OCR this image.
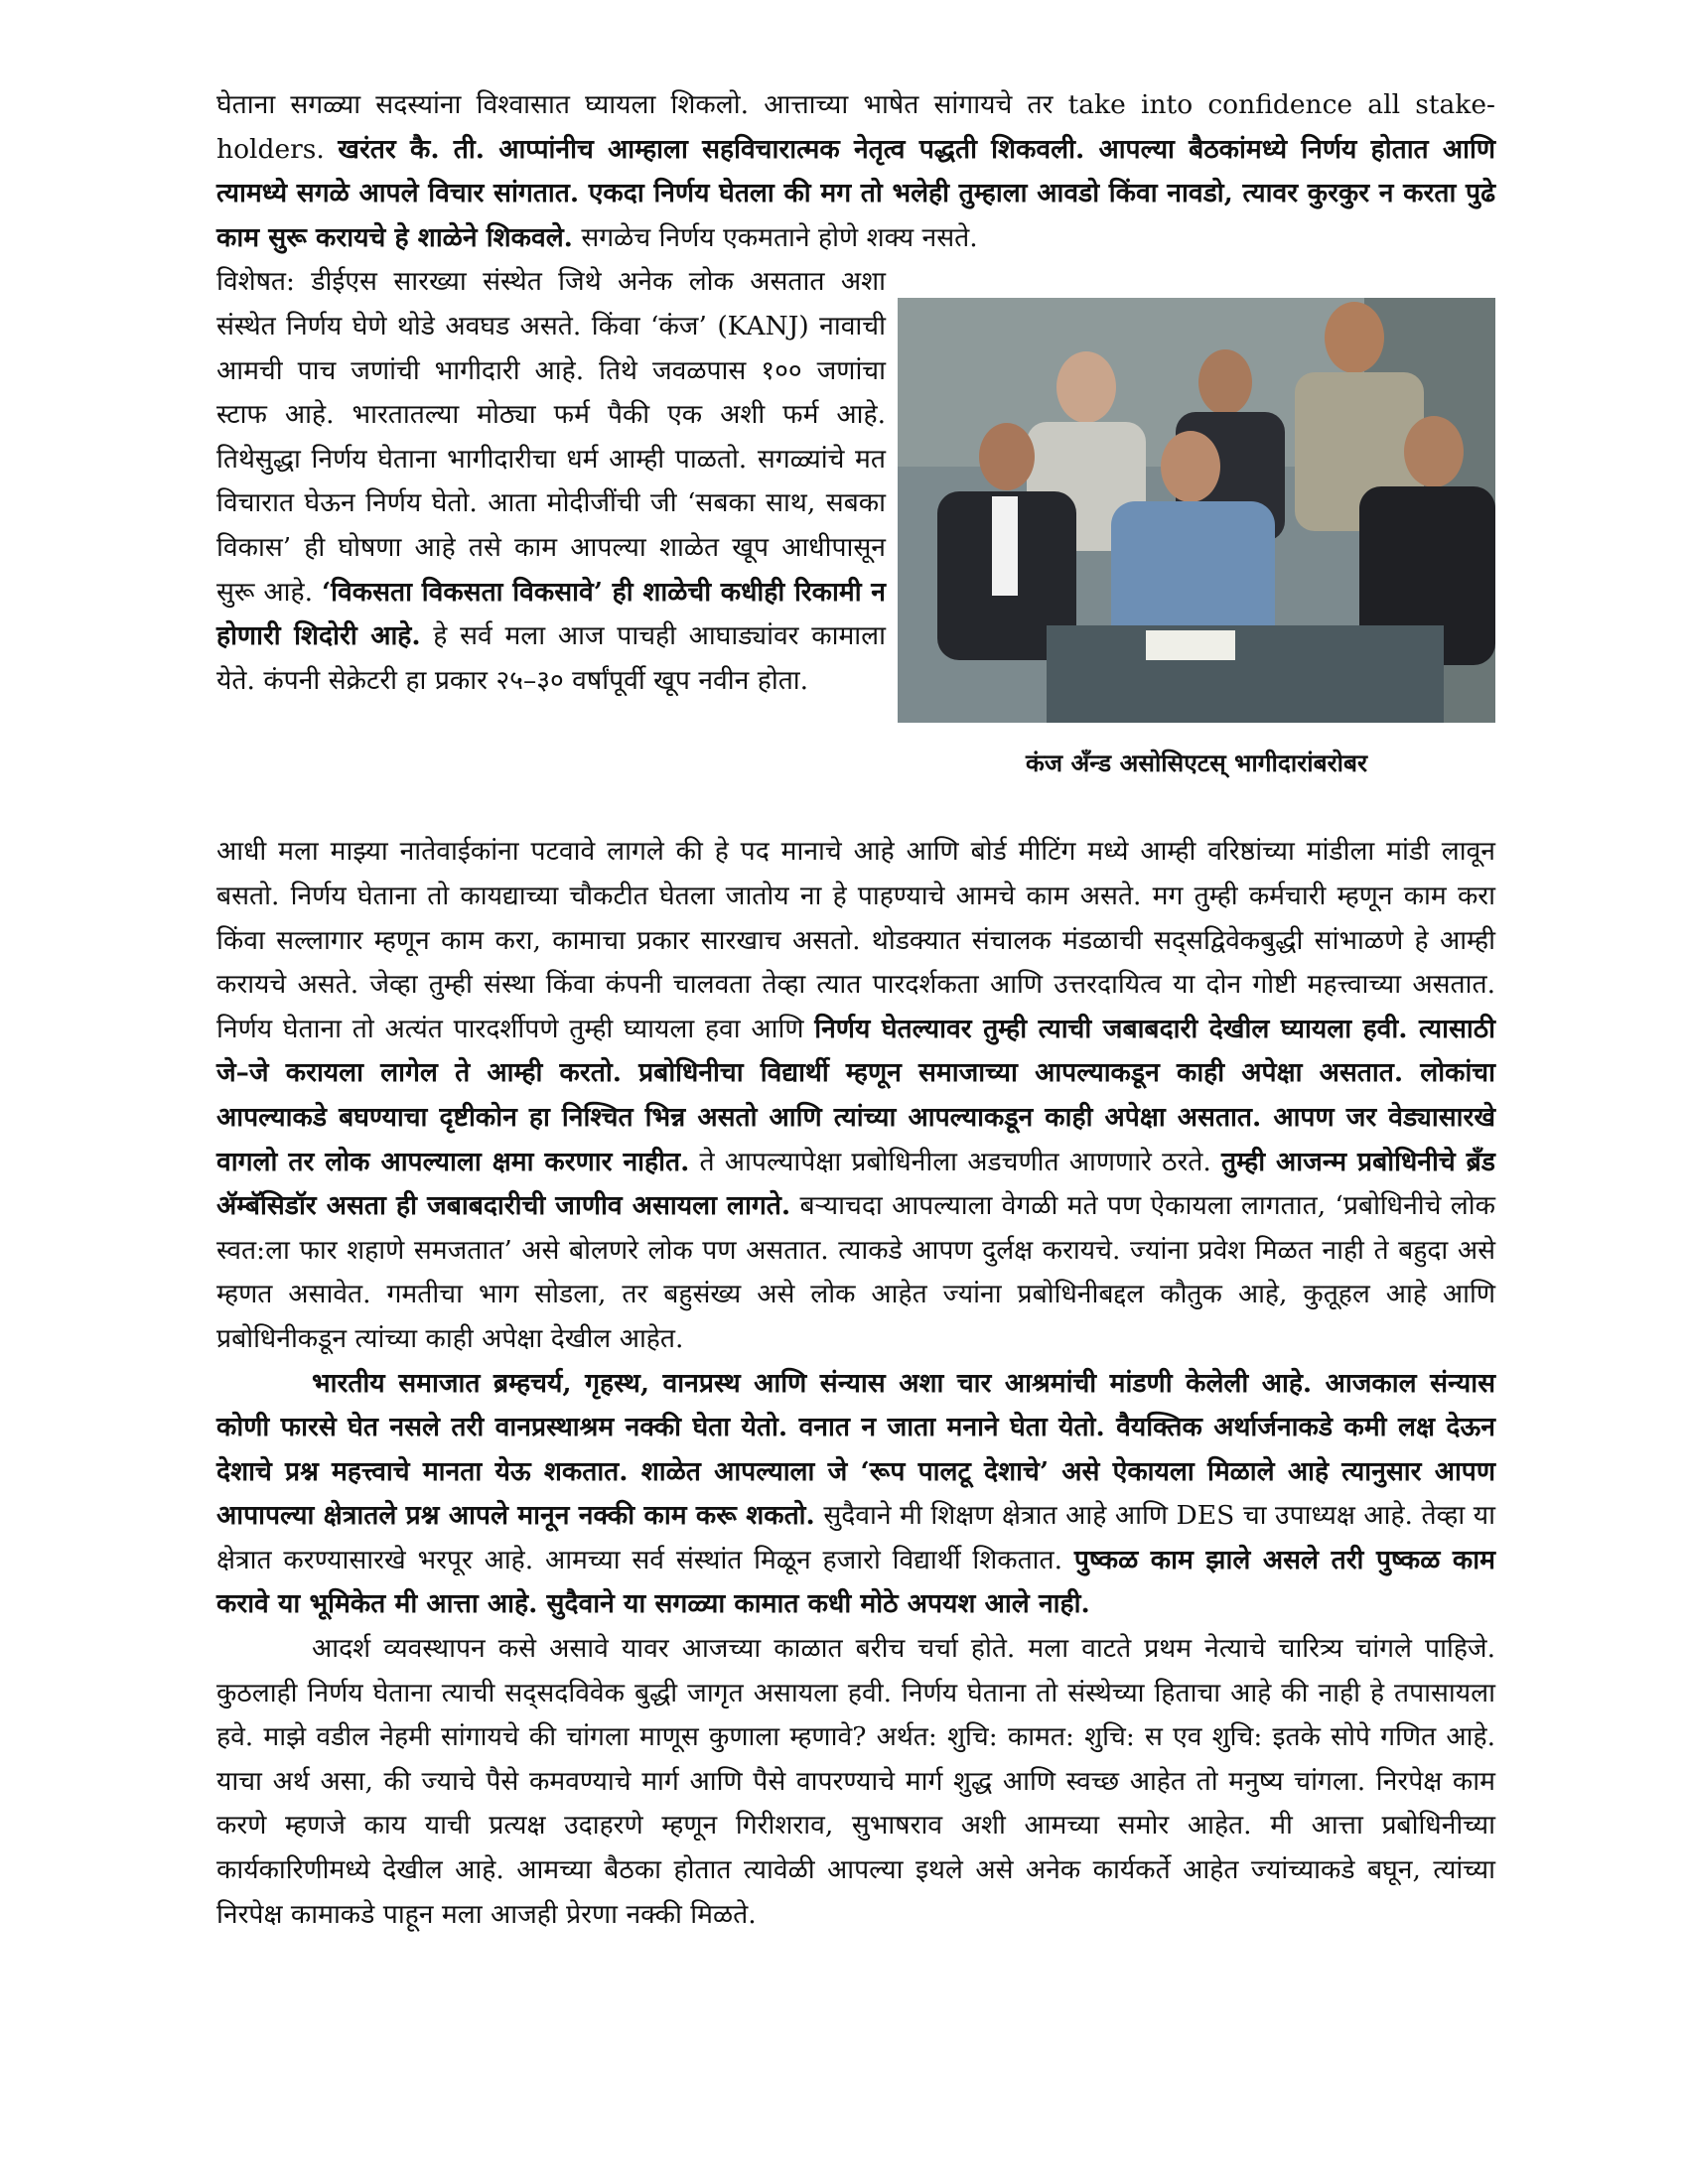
घेताना सगळ्या सदस्यांना विश्वासात घ्यायला शिकलो. आत्ताच्या भाषेत सांगायचे तर take into confidence all stake-holders. खरंतर कै. ती. आप्पांनीच आम्हाला सहविचारात्मक नेतृत्व पद्धती शिकवली. आपल्या बैठकांमध्ये निर्णय होतात आणि त्यामध्ये सगळे आपले विचार सांगतात. एकदा निर्णय घेतला की मग तो भलेही तुम्हाला आवडो किंवा नावडो, त्यावर कुरकुर न करता पुढे काम सुरू करायचे हे शाळेने शिकवले. सगळेच निर्णय एकमताने होणे शक्य नसते.

विशेषत: डीईएस सारख्या संस्थेत जिथे अनेक लोक असतात अशा संस्थेत निर्णय घेणे थोडे अवघड असते. किंवा ‘कंज’ (KANJ) नावाची आमची पाच जणांची भागीदारी आहे. तिथे जवळपास १०० जणांचा स्टाफ आहे. भारतातल्या मोठ्या फर्म पैकी एक अशी फर्म आहे. तिथेसुद्धा निर्णय घेताना भागीदारीचा धर्म आम्ही पाळतो. सगळ्यांचे मत विचारात घेऊन निर्णय घेतो. आता मोदीजींची जी ‘सबका साथ, सबका विकास’ ही घोषणा आहे तसे काम आपल्या शाळेत खूप आधीपासून सुरू आहे. ‘विकसता विकसता विकसावे’ ही शाळेची कधीही रिकामी न होणारी शिदोरी आहे. हे सर्व मला आज पाचही आघाड्यांवर कामाला येते. कंपनी सेक्रेटरी हा प्रकार २५–३० वर्षांपूर्वी खूप नवीन होता.

कंज अँन्ड असोसिएटस् भागीदारांबरोबर

आधी मला माझ्या नातेवाईकांना पटवावे लागले की हे पद मानाचे आहे आणि बोर्ड मीटिंग मध्ये आम्ही वरिष्ठांच्या मांडीला मांडी लावून बसतो. निर्णय घेताना तो कायद्याच्या चौकटीत घेतला जातोय ना हे पाहण्याचे आमचे काम असते. मग तुम्ही कर्मचारी म्हणून काम करा किंवा सल्लागार म्हणून काम करा, कामाचा प्रकार सारखाच असतो. थोडक्यात संचालक मंडळाची सद्सद्विवेकबुद्धी सांभाळणे हे आम्ही करायचे असते. जेव्हा तुम्ही संस्था किंवा कंपनी चालवता तेव्हा त्यात पारदर्शकता आणि उत्तरदायित्व या दोन गोष्टी महत्त्वाच्या असतात. निर्णय घेताना तो अत्यंत पारदर्शीपणे तुम्ही घ्यायला हवा आणि निर्णय घेतल्यावर तुम्ही त्याची जबाबदारी देखील घ्यायला हवी. त्यासाठी जे–जे करायला लागेल ते आम्ही करतो. प्रबोधिनीचा विद्यार्थी म्हणून समाजाच्या आपल्याकडून काही अपेक्षा असतात. लोकांचा आपल्याकडे बघण्याचा दृष्टीकोन हा निश्चित भिन्न असतो आणि त्यांच्या आपल्याकडून काही अपेक्षा असतात. आपण जर वेड्यासारखे वागलो तर लोक आपल्याला क्षमा करणार नाहीत. ते आपल्यापेक्षा प्रबोधिनीला अडचणीत आणणारे ठरते. तुम्ही आजन्म प्रबोधिनीचे ब्रँड ॲम्बॅसिडॉर असता ही जबाबदारीची जाणीव असायला लागते. बऱ्याचदा आपल्याला वेगळी मते पण ऐकायला लागतात, ‘प्रबोधिनीचे लोक स्वत:ला फार शहाणे समजतात’ असे बोलणरे लोक पण असतात. त्याकडे आपण दुर्लक्ष करायचे. ज्यांना प्रवेश मिळत नाही ते बहुदा असे म्हणत असावेत. गमतीचा भाग सोडला, तर बहुसंख्य असे लोक आहेत ज्यांना प्रबोधिनीबद्दल कौतुक आहे, कुतूहल आहे आणि प्रबोधिनीकडून त्यांच्या काही अपेक्षा देखील आहेत.

भारतीय समाजात ब्रम्हचर्य, गृहस्थ, वानप्रस्थ आणि संन्यास अशा चार आश्रमांची मांडणी केलेली आहे. आजकाल संन्यास कोणी फारसे घेत नसले तरी वानप्रस्थाश्रम नक्की घेता येतो. वनात न जाता मनाने घेता येतो. वैयक्तिक अर्थार्जनाकडे कमी लक्ष देऊन देशाचे प्रश्न महत्त्वाचे मानता येऊ शकतात. शाळेत आपल्याला जे ‘रूप पालटू देशाचे’ असे ऐकायला मिळाले आहे त्यानुसार आपण आपापल्या क्षेत्रातले प्रश्न आपले मानून नक्की काम करू शकतो. सुदैवाने मी शिक्षण क्षेत्रात आहे आणि DES चा उपाध्यक्ष आहे. तेव्हा या क्षेत्रात करण्यासारखे भरपूर आहे. आमच्या सर्व संस्थांत मिळून हजारो विद्यार्थी शिकतात. पुष्कळ काम झाले असले तरी पुष्कळ काम करावे या भूमिकेत मी आत्ता आहे. सुदैवाने या सगळ्या कामात कधी मोठे अपयश आले नाही.

आदर्श व्यवस्थापन कसे असावे यावर आजच्या काळात बरीच चर्चा होते. मला वाटते प्रथम नेत्याचे चारित्र्य चांगले पाहिजे. कुठलाही निर्णय घेताना त्याची सद्सदविवेक बुद्धी जागृत असायला हवी. निर्णय घेताना तो संस्थेच्या हिताचा आहे की नाही हे तपासायला हवे. माझे वडील नेहमी सांगायचे की चांगला माणूस कुणाला म्हणावे? अर्थत: शुचि: कामत: शुचि: स एव शुचि: इतके सोपे गणित आहे. याचा अर्थ असा, की ज्याचे पैसे कमवण्याचे मार्ग आणि पैसे वापरण्याचे मार्ग शुद्ध आणि स्वच्छ आहेत तो मनुष्य चांगला. निरपेक्ष काम करणे म्हणजे काय याची प्रत्यक्ष उदाहरणे म्हणून गिरीशराव, सुभाषराव अशी आमच्या समोर आहेत. मी आत्ता प्रबोधिनीच्या कार्यकारिणीमध्ये देखील आहे. आमच्या बैठका होतात त्यावेळी आपल्या इथले असे अनेक कार्यकर्ते आहेत ज्यांच्याकडे बघून, त्यांच्या निरपेक्ष कामाकडे पाहून मला आजही प्रेरणा नक्की मिळते.
